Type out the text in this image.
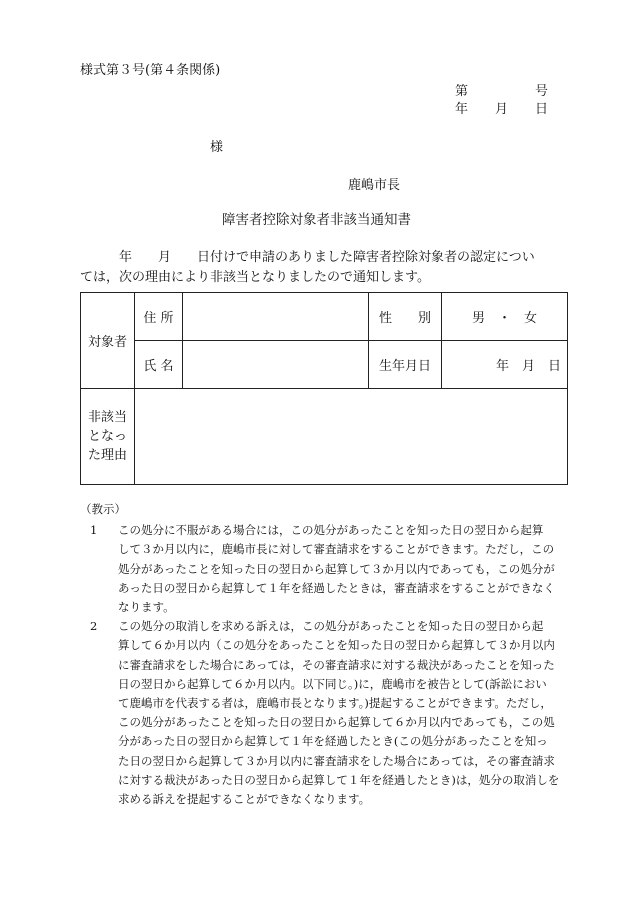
様式第３号(第４条関係)
第	号
年 月 日
様
鹿嶋市長
障害者控除対象者非該当通知書
　　　年　　月　　日付けで申請のありました障害者控除対象者の認定につい
ては，次の理由により非該当となりましたので通知します。
対象者	住 所		性　　別	男　・　女
	氏 名		生年月日	年　月　日

非該当
となっ
た理由				

（教示）
1	この処分に不服がある場合には，この処分があったことを知った日の翌日から起算
して３か月以内に，鹿嶋市長に対して審査請求をすることができます。ただし，この
処分があったことを知った日の翌日から起算して３か月以内であっても，この処分が
あった日の翌日から起算して１年を経過したときは，審査請求をすることができなく
なります。
2	この処分の取消しを求める訴えは，この処分があったことを知った日の翌日から起
算して６か月以内（この処分をあったことを知った日の翌日から起算して３か月以内
に審査請求をした場合にあっては，その審査請求に対する裁決があったことを知った
日の翌日から起算して６か月以内。以下同じ。)に，鹿嶋市を被告として(訴訟におい
て鹿嶋市を代表する者は，鹿嶋市長となります。)提起することができます。ただし，
この処分があったことを知った日の翌日から起算して６か月以内であっても，この処
分があった日の翌日から起算して１年を経過したとき(この処分があったことを知っ
た日の翌日から起算して３か月以内に審査請求をした場合にあっては，その審査請求
に対する裁決があった日の翌日から起算して１年を経過したとき)は，処分の取消しを
求める訴えを提起することができなくなります。
